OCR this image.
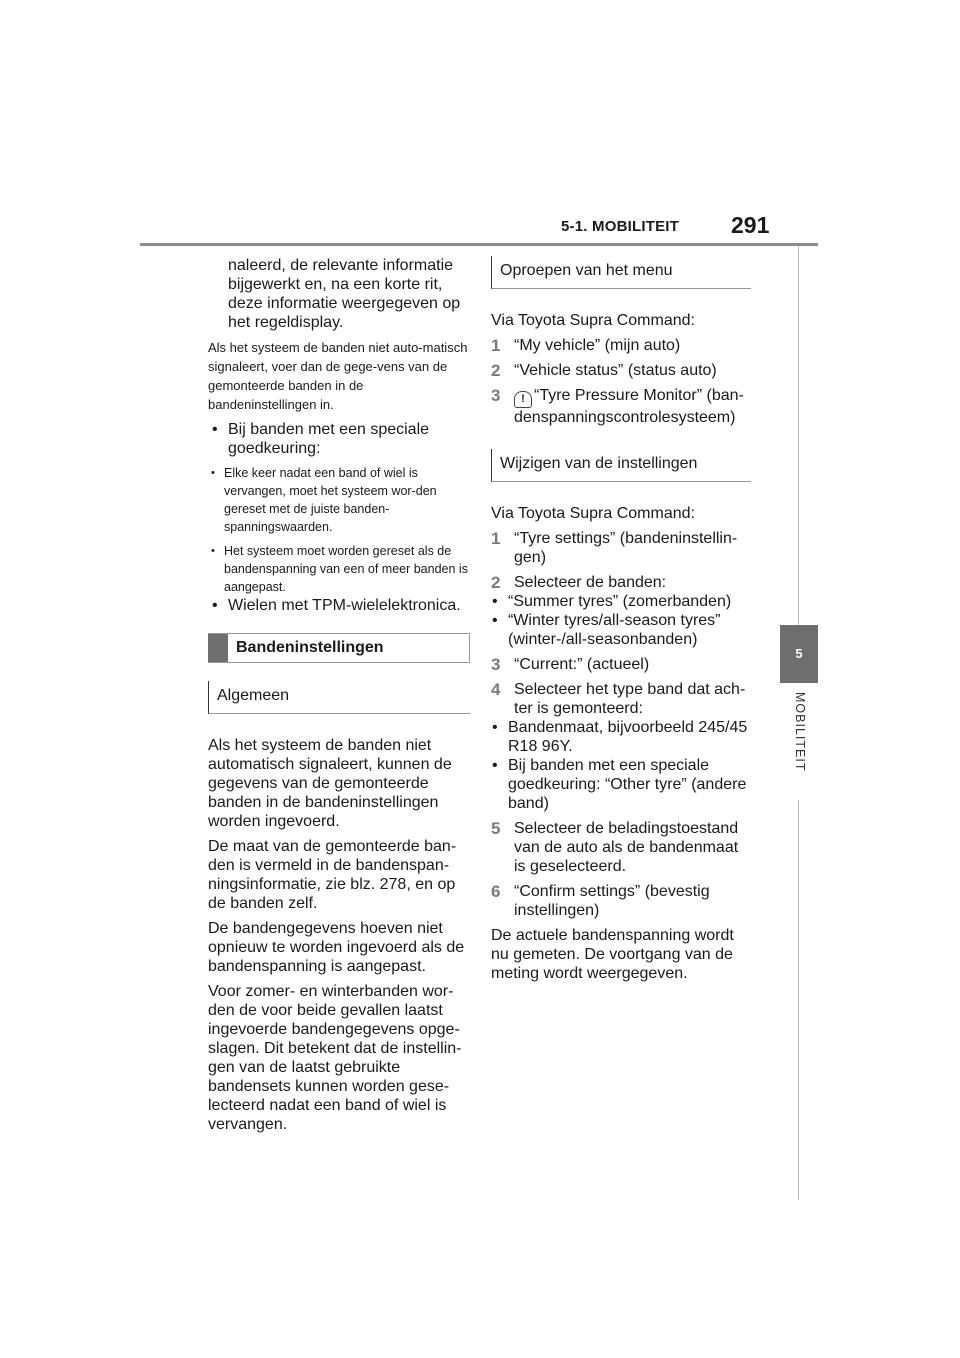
5-1. MOBILITEIT 291
5
MOBILITEIT

naleerd, de relevante informatie bijgewerkt en, na een korte rit, deze informatie weergegeven op het regeldisplay.

Als het systeem de banden niet auto-matisch signaleert, voer dan de gege-vens van de gemonteerde banden in de bandeninstellingen in.

• Bij banden met een speciale goedkeuring:

• Elke keer nadat een band of wiel is vervangen, moet het systeem wor-den gereset met de juiste banden-spanningswaarden.

• Het systeem moet worden gereset als de bandenspanning van een of meer banden is aangepast.

• Wielen met TPM-wielelektronica.

Bandeninstellingen
Algemeen

Als het systeem de banden niet automatisch signaleert, kunnen de gegevens van de gemonteerde banden in de bandeninstellingen worden ingevoerd.

De maat van de gemonteerde ban-den is vermeld in de bandenspan-ningsinformatie, zie blz. 278, en op de banden zelf.

De bandengegevens hoeven niet opnieuw te worden ingevoerd als de bandenspanning is aangepast.

Voor zomer- en winterbanden wor-den de voor beide gevallen laatst ingevoerde bandengegevens opge-slagen. Dit betekent dat de instellin-gen van de laatst gebruikte bandensets kunnen worden gese-lecteerd nadat een band of wiel is vervangen.

Oproepen van het menu

Via Toyota Supra Command:

1 “My vehicle” (mijn auto)
2 “Vehicle status” (status auto)
3 ! “Tyre Pressure Monitor” (ban-denspanningscontrolesysteem)
Wijzigen van de instellingen

Via Toyota Supra Command:

1 “Tyre settings” (bandeninstellin-gen)
2 Selecteer de banden:

• “Summer tyres” (zomerbanden)

• “Winter tyres/all-season tyres” (winter-/all-seasonbanden)

3 “Current:” (actueel)
4 Selecteer het type band dat ach-ter is gemonteerd:

• Bandenmaat, bijvoorbeeld 245/45 R18 96Y.

• Bij banden met een speciale goedkeuring: “Other tyre” (andere band)

5 Selecteer de beladingstoestand van de auto als de bandenmaat is geselecteerd.
6 “Confirm settings” (bevestig instellingen)

De actuele bandenspanning wordt nu gemeten. De voortgang van de meting wordt weergegeven.
